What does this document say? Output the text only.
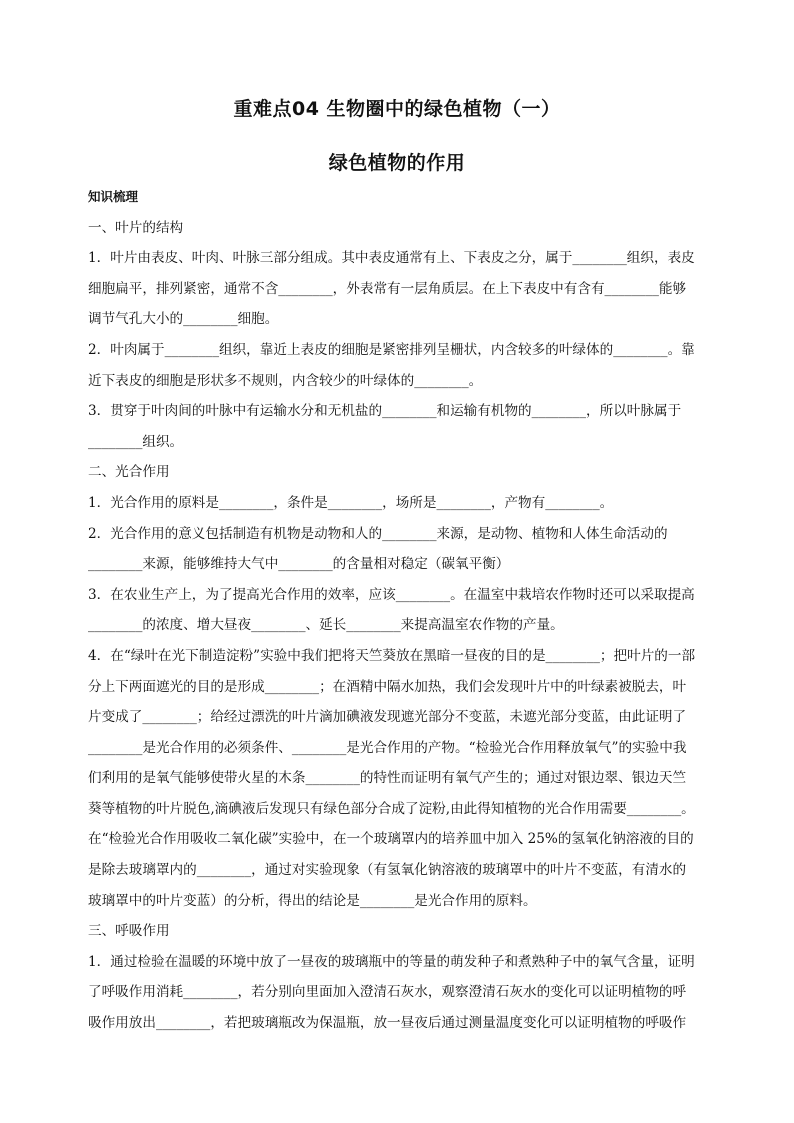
重难点04 生物圈中的绿色植物（一）
绿色植物的作用

知识梳理

一、叶片的结构

1．叶片由表皮、叶肉、叶脉三部分组成。其中表皮通常有上、下表皮之分，属于________组织，表皮

细胞扁平，排列紧密，通常不含________，外表常有一层角质层。在上下表皮中有含有________能够

调节气孔大小的________细胞。

2．叶肉属于________组织，靠近上表皮的细胞是紧密排列呈栅状，内含较多的叶绿体的________。靠

近下表皮的细胞是形状多不规则，内含较少的叶绿体的________。

3．贯穿于叶肉间的叶脉中有运输水分和无机盐的________和运输有机物的________，所以叶脉属于

________组织。

二、光合作用

1．光合作用的原料是________，条件是________，场所是________，产物有________。

2．光合作用的意义包括制造有机物是动物和人的________来源，是动物、植物和人体生命活动的

________来源，能够维持大气中________的含量相对稳定（碳氧平衡）

3．在农业生产上，为了提高光合作用的效率，应该________。在温室中栽培农作物时还可以采取提高

________的浓度、增大昼夜________、延长________来提高温室农作物的产量。

4．在“绿叶在光下制造淀粉”实验中我们把将天竺葵放在黑暗一昼夜的目的是________；把叶片的一部

分上下两面遮光的目的是形成________；在酒精中隔水加热，我们会发现叶片中的叶绿素被脱去，叶

片变成了________；给经过漂洗的叶片滴加碘液发现遮光部分不变蓝，未遮光部分变蓝，由此证明了

________是光合作用的必须条件、________是光合作用的产物。“检验光合作用释放氧气”的实验中我

们利用的是氧气能够使带火星的木条________的特性而证明有氧气产生的；通过对银边翠、银边天竺

葵等植物的叶片脱色,滴碘液后发现只有绿色部分合成了淀粉,由此得知植物的光合作用需要________。

在“检验光合作用吸收二氧化碳”实验中，在一个玻璃罩内的培养皿中加入 25%的氢氧化钠溶液的目的

是除去玻璃罩内的________，通过对实验现象（有氢氧化钠溶液的玻璃罩中的叶片不变蓝，有清水的

玻璃罩中的叶片变蓝）的分析，得出的结论是________是光合作用的原料。

三、呼吸作用

1．通过检验在温暖的环境中放了一昼夜的玻璃瓶中的等量的萌发种子和煮熟种子中的氧气含量，证明

了呼吸作用消耗________，若分别向里面加入澄清石灰水，观察澄清石灰水的变化可以证明植物的呼

吸作用放出________，若把玻璃瓶改为保温瓶，放一昼夜后通过测量温度变化可以证明植物的呼吸作
